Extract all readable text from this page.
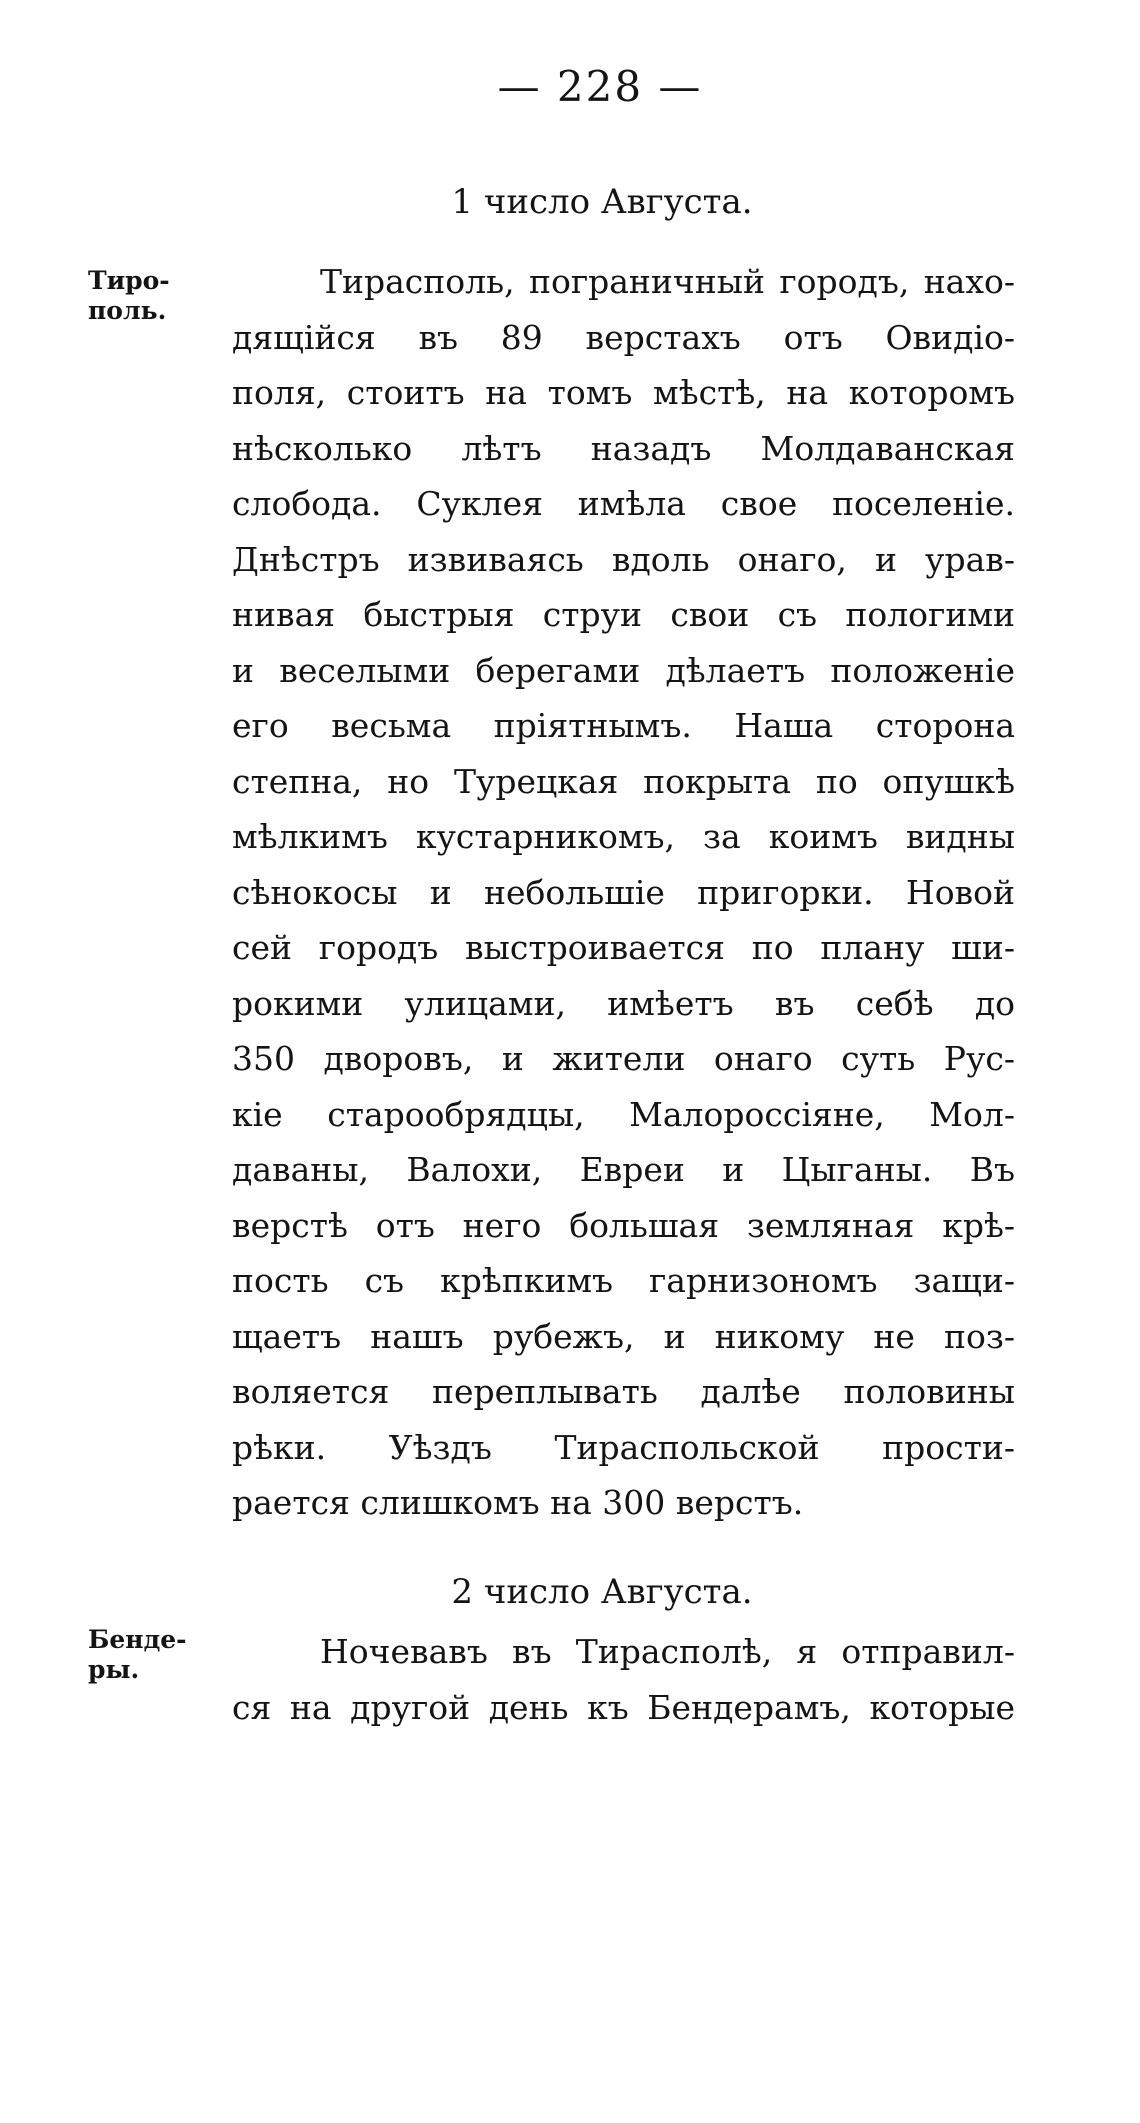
— 228 —
1 число Августа.
Тиро-
поль.
Тирасполь, пограничный городъ, нахо-
дящійся въ 89 верстахъ отъ Овидіо-
поля, стоитъ на томъ мѣстѣ, на которомъ
нѣсколько лѣтъ назадъ Молдаванская
слобода. Суклея имѣла свое поселеніе.
Днѣстръ извиваясь вдоль онаго, и урав-
нивая быстрыя струи свои съ пологими
и веселыми берегами дѣлаетъ положеніе
его весьма пріятнымъ. Наша сторона
степна, но Турецкая покрыта по опушкѣ
мѣлкимъ кустарникомъ, за коимъ видны
сѣнокосы и небольшіе пригорки. Новой
сей городъ выстроивается по плану ши-
рокими улицами, имѣетъ въ себѣ до
350 дворовъ, и жители онаго суть Рус-
кіе старообрядцы, Малороссіяне, Мол-
даваны, Валохи, Евреи и Цыганы. Въ
верстѣ отъ него большая земляная крѣ-
пость съ крѣпкимъ гарнизономъ защи-
щаетъ нашъ рубежъ, и никому не поз-
воляется переплывать далѣе половины
рѣки. Уѣздъ Тираспольской прости-
рается слишкомъ на 300 верстъ.
2 число Августа.
Бенде-
ры.	Ночевавъ въ Тирасполѣ, я отправил-
ся на другой день къ Бендерамъ, которые
